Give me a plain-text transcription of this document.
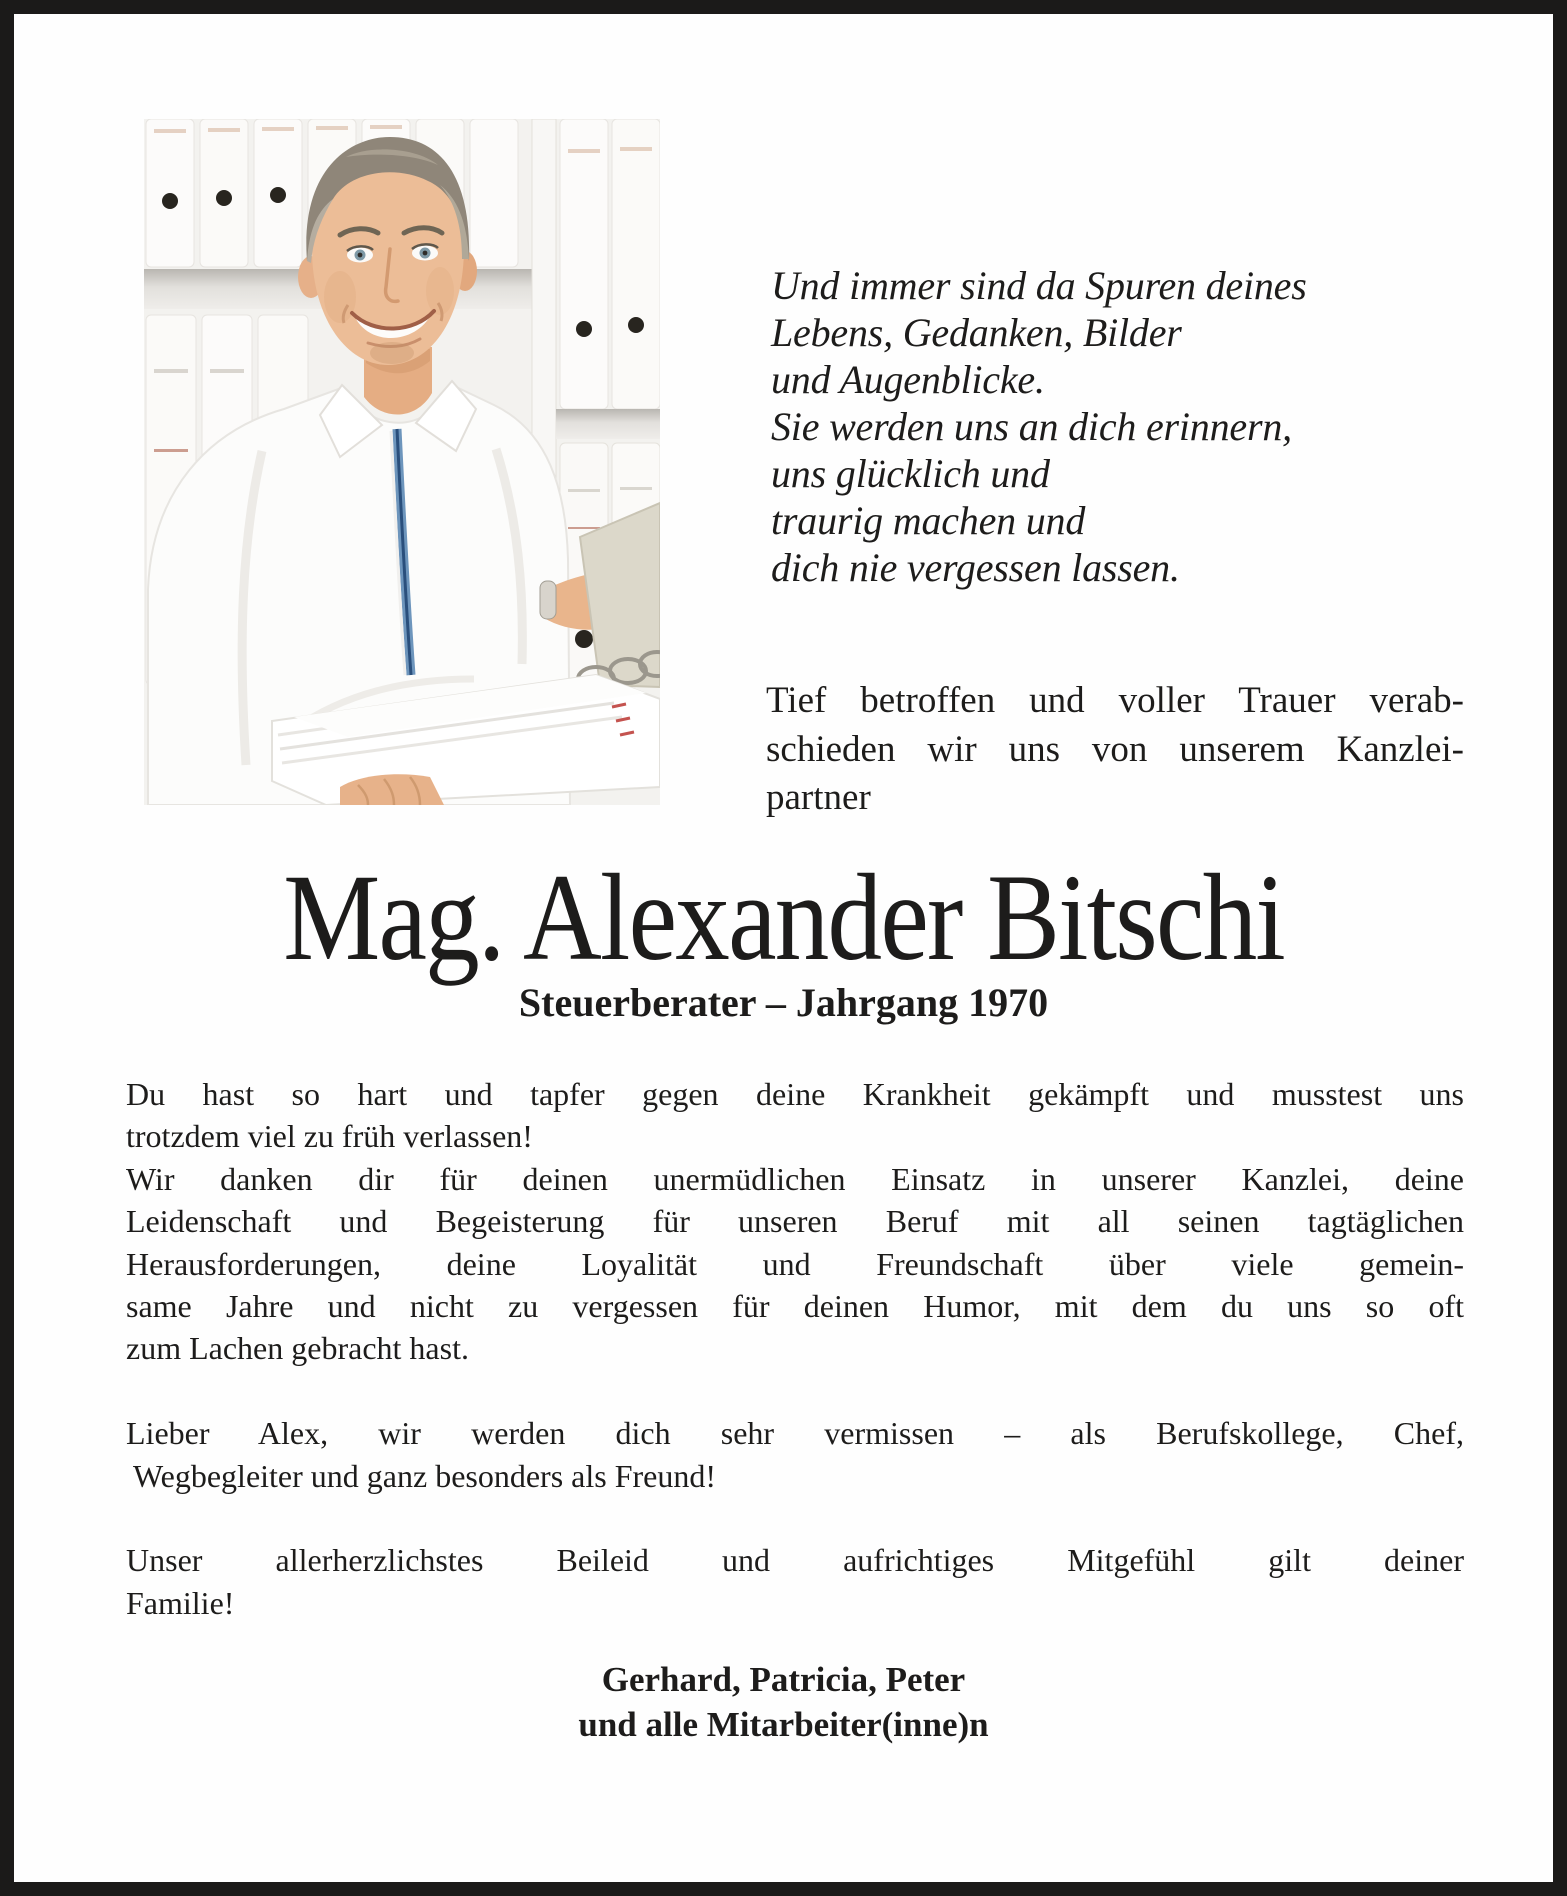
Und immer sind da Spuren deines
Lebens, Gedanken, Bilder
und Augenblicke.
Sie werden uns an dich erinnern,
uns glücklich und
traurig machen und
dich nie vergessen lassen.
Tief betroffen und voller Trauer verab-
schieden wir uns von unserem Kanzlei-
partner
Mag. Alexander Bitschi
Steuerberater – Jahrgang 1970
Du hast so hart und tapfer gegen deine Krankheit gekämpft und musstest uns
trotzdem viel zu früh verlassen!
Wir danken dir für deinen unermüdlichen Einsatz in unserer Kanzlei, deine
Leidenschaft und Begeisterung für unseren Beruf mit all seinen tagtäglichen
Herausforderungen, deine Loyalität und Freundschaft über viele gemein-
same Jahre und nicht zu vergessen für deinen Humor, mit dem du uns so oft
zum Lachen gebracht hast.
Lieber Alex, wir werden dich sehr vermissen – als Berufskollege, Chef,
Wegbegleiter und ganz besonders als Freund!
Unser allerherzlichstes Beileid und aufrichtiges Mitgefühl gilt deiner
Familie!
Gerhard, Patricia, Peter
und alle Mitarbeiter(inne)n
